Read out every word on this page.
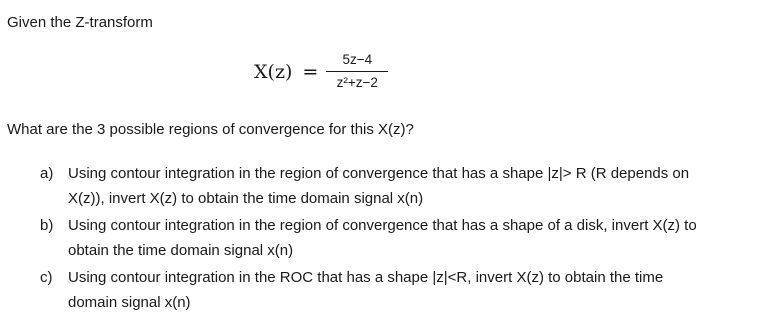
Given the Z-transform

$X(z) = \frac{5z-4}{\text{z²+z−2}}$

What are the 3 possible regions of convergence for this X(z)?

a) Using contour integration in the region of convergence that has a shape |z|> R (R depends on
X(z)), invert X(z) to obtain the time domain signal x(n)
b) Using contour integration in the region of convergence that has a shape of a disk, invert X(z) to
obtain the time domain signal x(n)
c)	Using contour integration in the ROC that has a shape |z|<R, invert X(z) to obtain the time
domain signal x(n)
